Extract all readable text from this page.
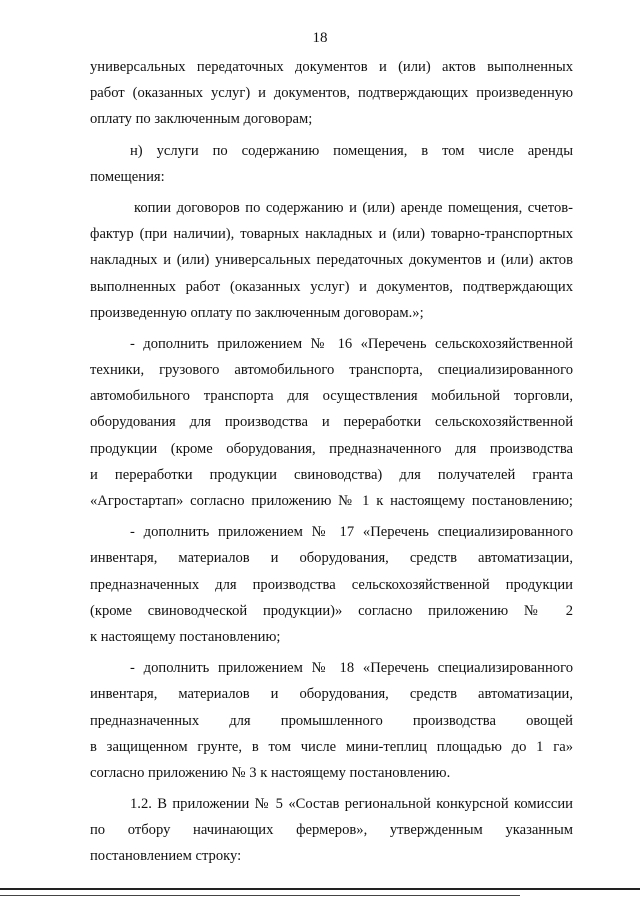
18
универсальных передаточных документов и (или) актов выполненных
работ (оказанных услуг) и документов, подтверждающих произведенную
оплату по заключенным договорам;
н) услуги по содержанию помещения, в том числе аренды
помещения:
копии договоров по содержанию и (или) аренде помещения, счетов-
фактур (при наличии), товарных накладных и (или) товарно-транспортных
накладных и (или) универсальных передаточных документов и (или) актов
выполненных работ (оказанных услуг) и документов, подтверждающих
произведенную оплату по заключенным договорам.»;
- дополнить приложением № 16 «Перечень сельскохозяйственной
техники, грузового автомобильного транспорта, специализированного
автомобильного транспорта для осуществления мобильной торговли,
оборудования для производства и переработки сельскохозяйственной
продукции (кроме оборудования, предназначенного для производства
и переработки продукции свиноводства) для получателей гранта
«Агростартап» согласно приложению № 1 к настоящему постановлению;
- дополнить приложением № 17 «Перечень специализированного
инвентаря, материалов и оборудования, средств автоматизации,
предназначенных для производства сельскохозяйственной продукции
(кроме свиноводческой продукции)» согласно приложению № 2
к настоящему постановлению;
- дополнить приложением № 18 «Перечень специализированного
инвентаря, материалов и оборудования, средств автоматизации,
предназначенных для промышленного производства овощей
в защищенном грунте, в том числе мини-теплиц площадью до 1 га»
согласно приложению № 3 к настоящему постановлению.
1.2. В приложении № 5 «Состав региональной конкурсной комиссии
по отбору начинающих фермеров», утвержденным указанным
постановлением строку:
